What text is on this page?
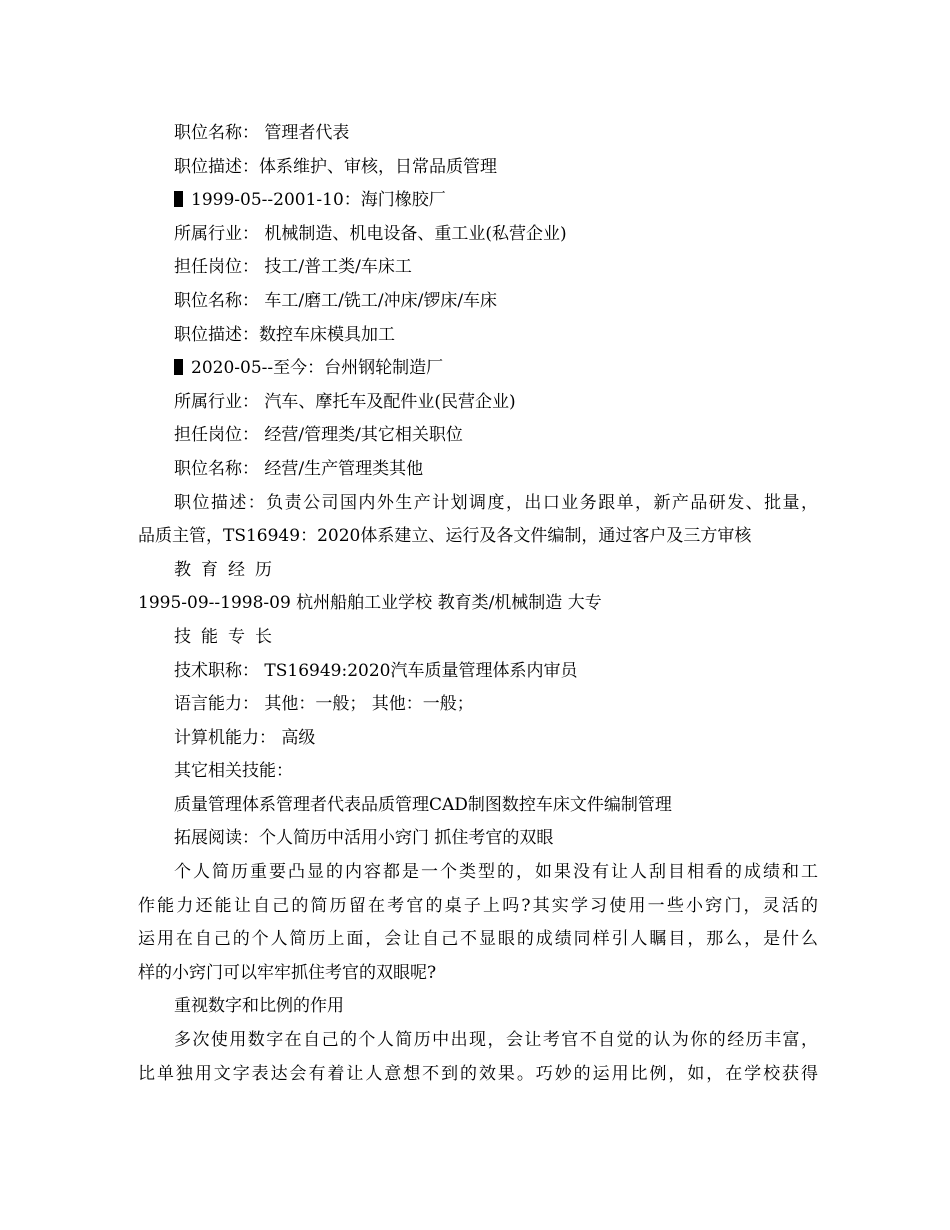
职位名称： 管理者代表
职位描述：体系维护、审核，日常品质管理
1999-05--2001-10：海门橡胶厂
所属行业： 机械制造、机电设备、重工业(私营企业)
担任岗位： 技工/普工类/车床工
职位名称： 车工/磨工/铣工/冲床/锣床/车床
职位描述：数控车床模具加工
2020-05--至今：台州钢轮制造厂
所属行业： 汽车、摩托车及配件业(民营企业)
担任岗位： 经营/管理类/其它相关职位
职位名称： 经营/生产管理类其他
职位描述：负责公司国内外生产计划调度，出口业务跟单，新产品研发、批量，
品质主管，TS16949：2020体系建立、运行及各文件编制，通过客户及三方审核
教育经历
1995-09--1998-09 杭州船舶工业学校 教育类/机械制造 大专
技能专长
技术职称： TS16949:2020汽车质量管理体系内审员
语言能力： 其他：一般； 其他：一般；
计算机能力： 高级
其它相关技能：
质量管理体系管理者代表品质管理CAD制图数控车床文件编制管理
拓展阅读：个人简历中活用小窍门 抓住考官的双眼
个人简历重要凸显的内容都是一个类型的，如果没有让人刮目相看的成绩和工
作能力还能让自己的简历留在考官的桌子上吗?其实学习使用一些小窍门，灵活的
运用在自己的个人简历上面，会让自己不显眼的成绩同样引人瞩目，那么，是什么
样的小窍门可以牢牢抓住考官的双眼呢?
重视数字和比例的作用
多次使用数字在自己的个人简历中出现，会让考官不自觉的认为你的经历丰富，
比单独用文字表达会有着让人意想不到的效果。巧妙的运用比例，如，在学校获得
